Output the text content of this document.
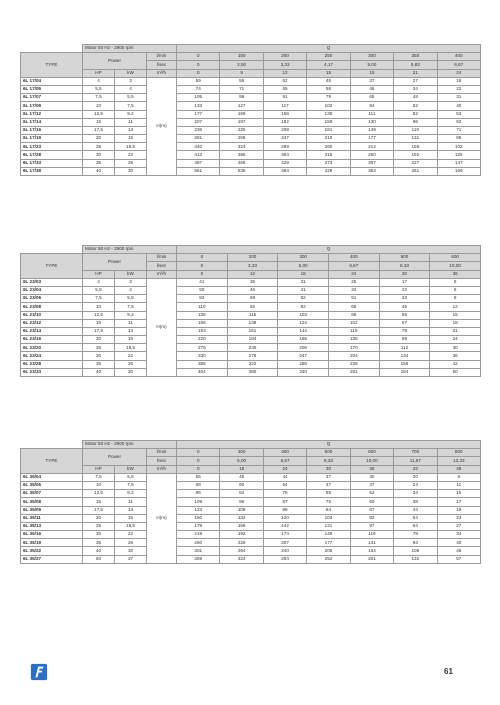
	Motor 50 Hz - 2900 rpm			Q						
TYPE	Power		l/min	0	150	200	250	300	350	400
			l/sec	0	2,50	3,33	4,17	5,00	5,83	6,67
	HP	kW	m³/h	0	9	12	15	18	21	24
6L 17/04	4	3	H(m)	59	55	52	45	37	27	18
6L 17/05	5,5	4		74	71	65	56	46	34	22
6L 17/07	7,5	5,5		105	99	91	79	65	48	31
6L 17/09	10	7,5		133	127	117	102	84	62	40
6L 17/12	12,5	9,2		177	169	156	135	111	82	53
6L 17/14	15	11		207	197	182	158	130	96	62
6L 17/16	17,5	13		236	225	208	181	149	110	71
6L 17/19	20	15		281	268	247	215	177	131	85
6L 17/23	25	18,5		340	324	299	260	214	158	102
6L 17/28	30	22		413	395	364	316	260	192	125
6L 17/33	35	26		487	465	429	373	307	227	147
6L 17/38	40	30		561	536	494	429	353	261	169
	Motor 50 Hz - 2900 rpm			Q					
TYPE	Power		l/min	0	200	300	400	500	600
			l/sec	0	3,33	5,00	6,67	8,33	10,00
	HP	kW	m³/h	0	12	18	24	30	36
6L 23/03	4	3	H(m)	41	35	31	25	17	5
6L 23/04	5,5	4		55	46	41	34	22	6
6L 23/06	7,5	5,5		83	69	62	51	33	9
6L 23/08	10	7,5		110	92	82	68	45	12
6L 23/10	12,5	9,2		138	115	103	85	56	15
6L 23/12	15	11		165	138	124	102	67	18
6L 23/14	17,5	13		193	161	144	119	78	21
6L 23/16	20	15		220	184	165	136	89	24
6L 23/20	25	18,5		276	230	206	170	112	30
6L 23/24	30	22		330	276	247	204	134	36
6L 23/28	35	26		385	322	288	238	156	42
6L 23/33	40	30		454	380	340	281	184	50
	Motor 50 Hz - 2900 rpm			Q						
TYPE	Power		l/min	0	300	400	500	600	700	800
			l/sec	0	5,00	6,67	8,33	10,00	11,67	13,33
	HP	kW	m³/h	0	18	24	30	36	42	48
6L 35/04	7,5	5,5	H(m)	55	48	44	37	30	20	8
6L 35/05	10	7,5		68	60	54	47	37	24	11
6L 35/07	12,5	9,2		96	84	76	65	52	34	15
6L 35/08	15	11		109	96	87	75	60	38	17
6L 35/09	17,5	13		123	108	98	84	67	44	19
6L 35/11	20	15		150	132	120	103	82	54	23
6L 35/13	25	18,5		178	156	142	121	97	64	27
6L 35/16	30	22		219	192	174	149	119	78	34
6L 35/19	35	26		260	228	207	177	141	93	40
6L 35/22	40	30		301	264	240	205	164	108	46
6L 35/27	50	37		369	324	294	252	201	132	57
61
